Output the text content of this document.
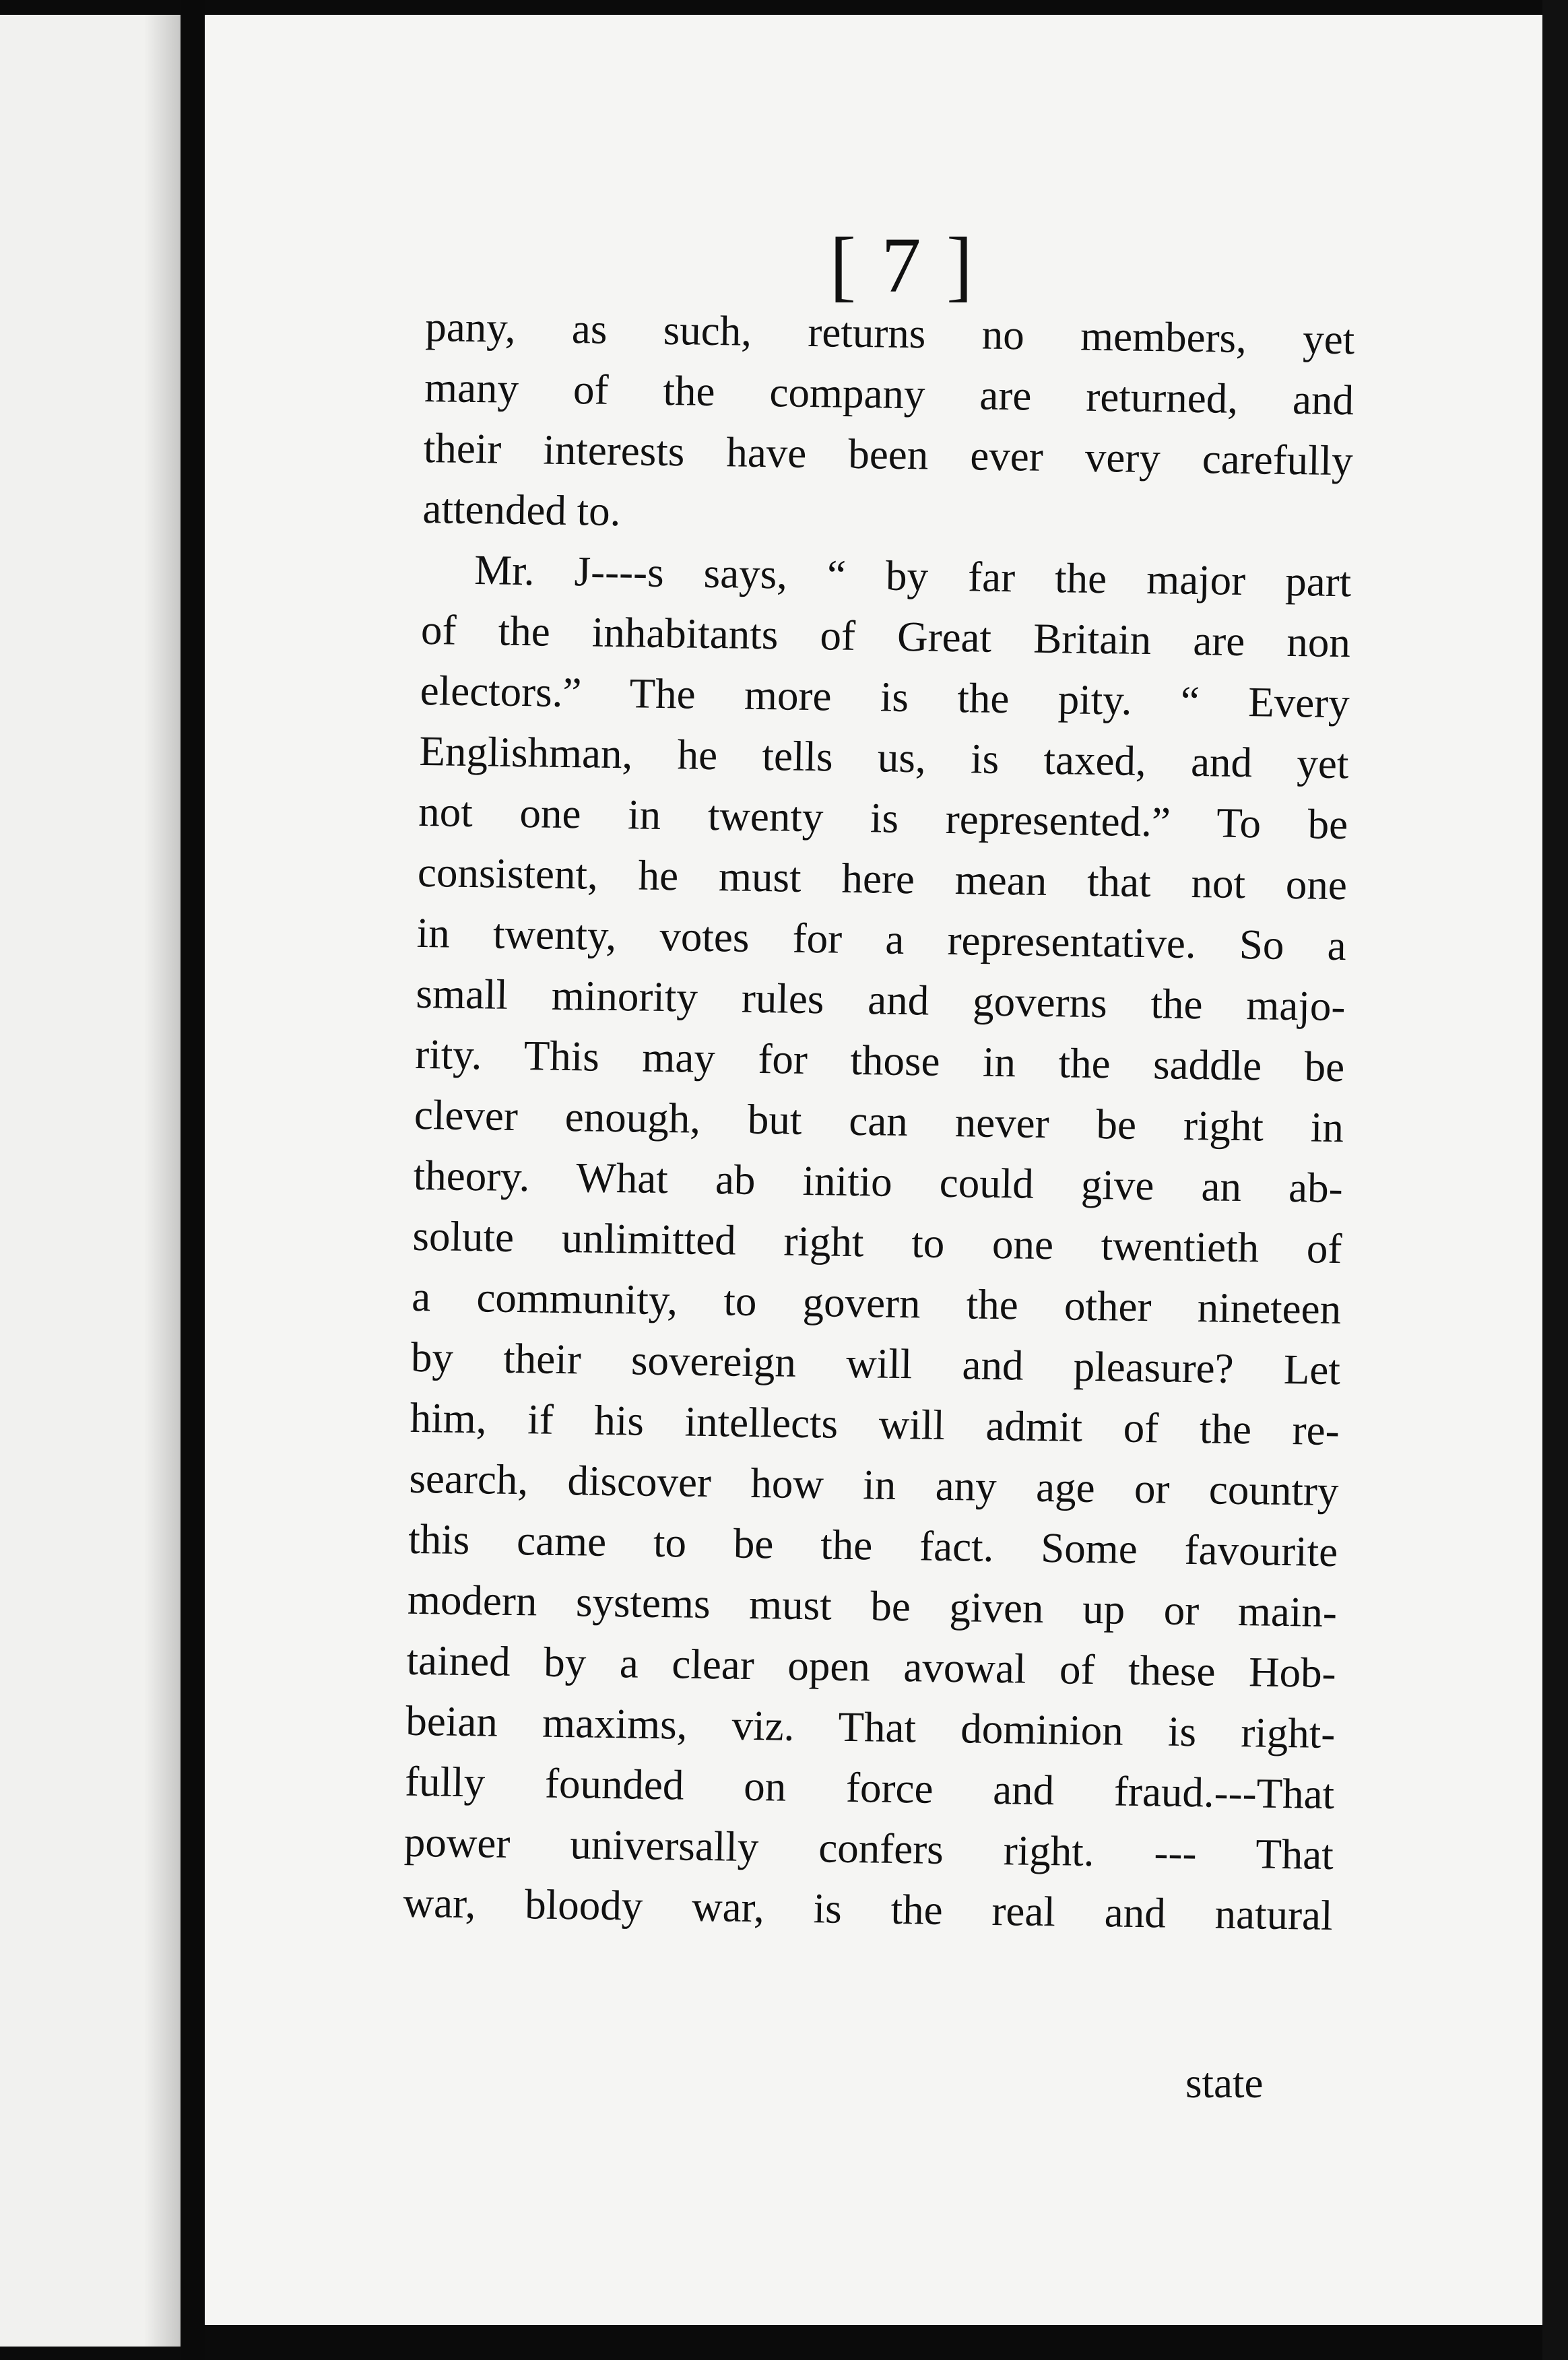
[ 7 ]
pany, as such, returns no members, yet
many of the company are returned, and
their interests have been ever very carefully
attended to.
Mr. J----s says, “ by far the major part
of the inhabitants of Great Britain are non
electors.” The more is the pity. “ Every
Englishman, he tells us, is taxed, and yet
not one in twenty is represented.” To be
consistent, he must here mean that not one
in twenty, votes for a representative. So a
small minority rules and governs the majo-
rity. This may for those in the saddle be
clever enough, but can never be right in
theory. What ab initio could give an ab-
solute unlimitted right to one twentieth of
a community, to govern the other nineteen
by their sovereign will and pleasure? Let
him, if his intellects will admit of the re-
search, discover how in any age or country
this came to be the fact. Some favourite
modern systems must be given up or main-
tained by a clear open avowal of these Hob-
beian maxims, viz. That dominion is right-
fully founded on force and fraud.---That
power universally confers right. --- That
war, bloody war, is the real and natural
state
